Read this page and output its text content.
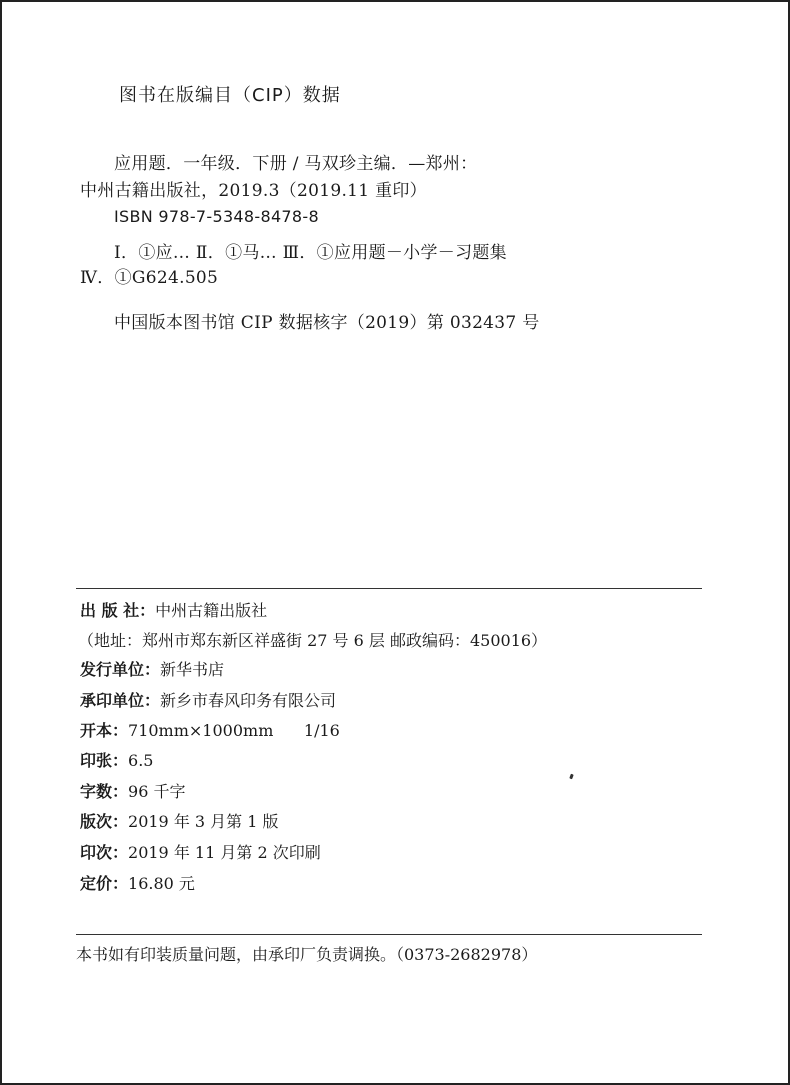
图书在版编目（CIP）数据
应用题．一年级．下册 / 马双珍主编．—郑州：
中州古籍出版社，2019.3（2019.11 重印）
ISBN 978-7-5348-8478-8
Ⅰ．①应… Ⅱ．①马… Ⅲ．①应用题－小学－习题集
Ⅳ．①G624.505
中国版本图书馆 CIP 数据核字（2019）第 032437 号
出 版 社：中州古籍出版社
（地址：郑州市郑东新区祥盛街 27 号 6 层 邮政编码：450016）
发行单位：新华书店
承印单位：新乡市春风印务有限公司
开本：710mm×1000mm      1/16
印张：6.5
字数：96 千字
版次：2019 年 3 月第 1 版
印次：2019 年 11 月第 2 次印刷
定价：16.80 元
本书如有印装质量问题，由承印厂负责调换。（0373-2682978）
